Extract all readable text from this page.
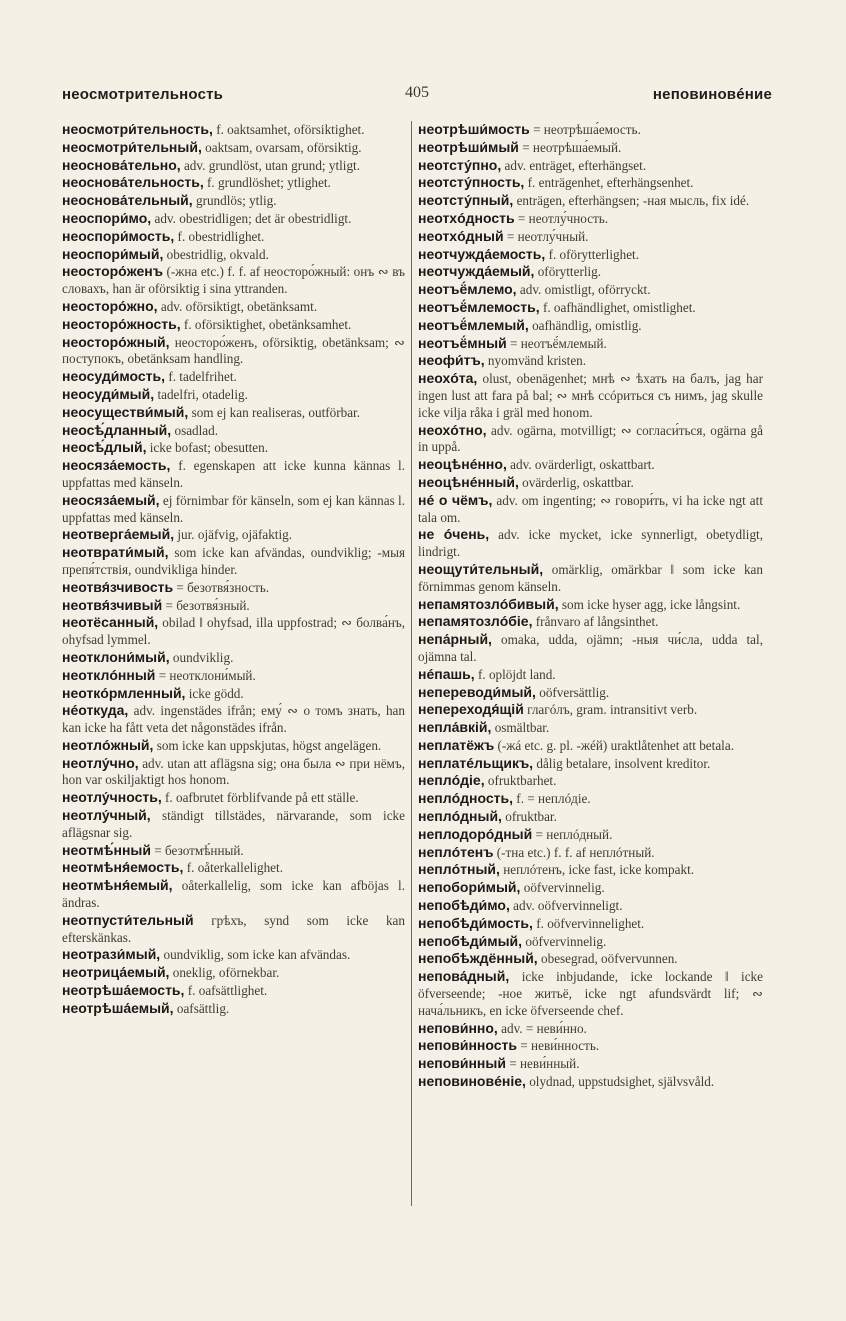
неосмотрительность	405	неповиновéние

неосмотри́тельность, f. oaktsamhet, oförsiktighet.

неосмотри́тельный, oaktsam, ovarsam, oförsiktig.

неоснова́тельно, adv. grundlöst, utan grund; ytligt.

неоснова́тельность, f. grundlöshet; ytlighet.

неоснова́тельный, grundlös; ytlig.

неоспори́мо, adv. obestridligen; det är obestridligt.

неоспори́мость, f. obestridlighet.

неоспори́мый, obestridlig, okvald.

неосторо́женъ (-жна etc.) f. f. af неосторо́жный: онъ ∾ въ словахъ, han är oförsiktig i sina yttranden.

неосторо́жно, adv. oförsiktigt, obetänksamt.

неосторо́жность, f. oförsiktighet, obetänksamhet.

неосторо́жный, неосторо́женъ, oförsiktig, obetänksam; ∾ поступокъ, obetänksam handling.

неосуди́мость, f. tadelfrihet.

неосуди́мый, tadelfri, otadelig.

неосуществи́мый, som ej kan realiseras, outförbar.

неосѣ́дланный, osadlad.

неосѣ́длый, icke bofast; obesutten.

неосяза́емость, f. egenskapen att icke kunna kännas l. uppfattas med känseln.

неосяза́емый, ej förnimbar för känseln, som ej kan kännas l. uppfattas med känseln.

неотверга́емый, jur. ojäfvig, ojäfaktig.

неотврати́мый, som icke kan afvändas, oundviklig; -мыя препя́тствія, oundvikliga hinder.

неотвя́зчивость = безотвя́зность.

неотвя́зчивый = безотвя́зный.

неотёсанный, obilad ‖ ohyfsad, illa uppfostrad; ∾ болва́нъ, ohyfsad lymmel.

неотклони́мый, oundviklig.

неотклóнный = неотклони́мый.

неоткóрмленный, icke gödd.

нéоткуда, adv. ingenstädes ifrån; ему́ ∾ о томъ знать, han kan icke ha fått veta det någonstädes ifrån.

неотлóжный, som icke kan uppskjutas, högst angelägen.

неотлу́чно, adv. utan att aflägsna sig; она была ∾ при нёмъ, hon var oskiljaktigt hos honom.

неотлу́чность, f. oafbrutet förblifvande på ett ställe.

неотлу́чный, ständigt tillstädes, närvarande, som icke aflägsnar sig.

неотмѣ́нный = безотмѣ́нный.

неотмѣня́емость, f. oåterkallelighet.

неотмѣня́емый, oåterkallelig, som icke kan afböjas l. ändras.

неотпусти́тельный грѣхъ, synd som icke kan efterskänkas.

неотрази́мый, oundviklig, som icke kan afvändas.

неотрица́емый, oneklig, oförnekbar.

неотрѣша́емость, f. oafsättlighet.

неотрѣша́емый, oafsättlig.

неотрѣши́мость = неотрѣша́емость.

неотрѣши́мый = неотрѣша́емый.

неотсту́пно, adv. enträget, efterhängset.

неотсту́пность, f. enträgenhet, efterhängsenhet.

неотсту́пный, enträgen, efterhängsen; -ная мысль, fix idé.

неотхóдность = неотлу́чность.

неотхóдный = неотлу́чный.

неотчужда́емость, f. oförytterlighet.

неотчужда́емый, oförytterlig.

неотъё́млемо, adv. omistligt, oförryckt.

неотъё́млемость, f. oafhändlighet, omistlighet.

неотъё́млемый, oafhändlig, omistlig.

неотъё́мный = неотъё́млемый.

неофи́тъ, nyomvänd kristen.

неохóта, olust, obenägenhet; мнѣ ∾ ѣхать на балъ, jag har ingen lust att fara på bal; ∾ мнѣ ссóриться съ нимъ, jag skulle icke vilja råka i gräl med honom.

неохóтно, adv. ogärna, motvilligt; ∾ согласи́ться, ogärna gå in uppå.

неоцѣнéнно, adv. ovärderligt, oskattbart.

неоцѣнéнный, ovärderlig, oskattbar.

нé о чёмъ, adv. om ingenting; ∾ говори́ть, vi ha icke ngt att tala om.

не óчень, adv. icke mycket, icke synnerligt, obetydligt, lindrigt.

неощути́тельный, omärklig, omärkbar ‖ som icke kan förnimmas genom känseln.

непамятозлóбивый, som icke hyser agg, icke långsint.

непамятозлóбіе, frånvaro af långsinthet.

непа́рный, omaka, udda, ojämn; -ныя чи́сла, udda tal, ojämna tal.

нéпашь, f. oplöjdt land.

непереводи́мый, oöfversättlig.

непереходя́щій глагóлъ, gram. intransitivt verb.

непла́вкій, osmältbar.

неплатёжъ (-жá etc. g. pl. -жéй) uraktlåtenhet att betala.

неплатéльщикъ, dålig betalare, insolvent kreditor.

неплóдіе, ofruktbarhet.

неплóдность, f. = неплóдіе.

неплóдный, ofruktbar.

неплодорóдный = неплóдный.

неплóтенъ (-тна etc.) f. f. af неплóтный.

неплóтный, неплóтенъ, icke fast, icke kompakt.

непобори́мый, oöfvervinnelig.

непобѣди́мо, adv. oöfvervinneligt.

непобѣди́мость, f. oöfvervinnelighet.

непобѣди́мый, oöfvervinnelig.

непобѣждённый, obesegrad, oöfvervunnen.

непова́дный, icke inbjudande, icke lockande ‖ icke öfverseende; -ное житьё, icke ngt afundsvärdt lif; ∾ нача́льникъ, en icke öfverseende chef.

непови́нно, adv. = неви́нно.

непови́нность = неви́нность.

непови́нный = неви́нный.

неповиновéніе, olydnad, uppstudsighet, självsvåld.
